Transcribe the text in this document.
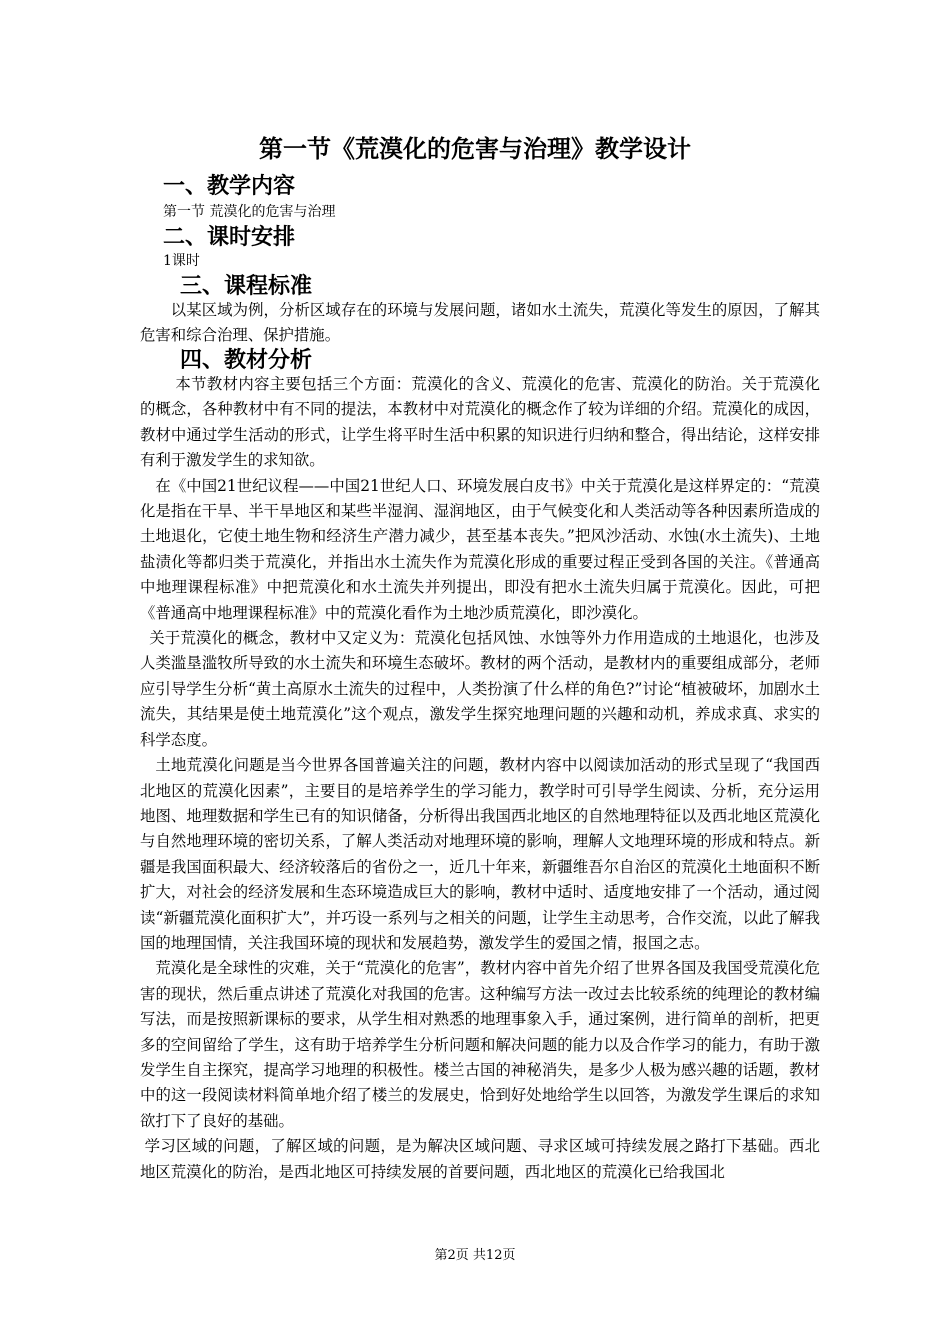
第一节《荒漠化的危害与治理》教学设计
一、教学内容
第一节 荒漠化的危害与治理
二、课时安排
1课时
三、课程标准

以某区域为例，分析区域存在的环境与发展问题，诸如水土流失，荒漠化等发生的原因，了解其危害和综合治理、保护措施。

四、教材分析

本节教材内容主要包括三个方面：荒漠化的含义、荒漠化的危害、荒漠化的防治。关于荒漠化的概念，各种教材中有不同的提法，本教材中对荒漠化的概念作了较为详细的介绍。荒漠化的成因，教材中通过学生活动的形式，让学生将平时生活中积累的知识进行归纳和整合，得出结论，这样安排有利于激发学生的求知欲。

在《中国21世纪议程——中国21世纪人口、环境发展白皮书》中关于荒漠化是这样界定的：“荒漠化是指在干旱、半干旱地区和某些半湿润、湿润地区，由于气候变化和人类活动等各种因素所造成的土地退化，它使土地生物和经济生产潜力减少，甚至基本丧失。”把风沙活动、水蚀(水土流失)、土地盐渍化等都归类于荒漠化，并指出水土流失作为荒漠化形成的重要过程正受到各国的关注。《普通高中地理课程标准》中把荒漠化和水土流失并列提出，即没有把水土流失归属于荒漠化。因此，可把《普通高中地理课程标准》中的荒漠化看作为土地沙质荒漠化，即沙漠化。

关于荒漠化的概念，教材中又定义为：荒漠化包括风蚀、水蚀等外力作用造成的土地退化，也涉及人类滥垦滥牧所导致的水土流失和环境生态破坏。教材的两个活动，是教材内的重要组成部分，老师应引导学生分析“黄土高原水土流失的过程中，人类扮演了什么样的角色?”讨论“植被破坏，加剧水土流失，其结果是使土地荒漠化”这个观点，激发学生探究地理问题的兴趣和动机，养成求真、求实的科学态度。

土地荒漠化问题是当今世界各国普遍关注的问题，教材内容中以阅读加活动的形式呈现了“我国西北地区的荒漠化因素”，主要目的是培养学生的学习能力，教学时可引导学生阅读、分析，充分运用地图、地理数据和学生已有的知识储备，分析得出我国西北地区的自然地理特征以及西北地区荒漠化与自然地理环境的密切关系，了解人类活动对地理环境的影响，理解人文地理环境的形成和特点。新疆是我国面积最大、经济较落后的省份之一，近几十年来，新疆维吾尔自治区的荒漠化土地面积不断扩大，对社会的经济发展和生态环境造成巨大的影响，教材中适时、适度地安排了一个活动，通过阅读“新疆荒漠化面积扩大”，并巧设一系列与之相关的问题，让学生主动思考，合作交流，以此了解我国的地理国情，关注我国环境的现状和发展趋势，激发学生的爱国之情，报国之志。

荒漠化是全球性的灾难，关于“荒漠化的危害”，教材内容中首先介绍了世界各国及我国受荒漠化危害的现状，然后重点讲述了荒漠化对我国的危害。这种编写方法一改过去比较系统的纯理论的教材编写法，而是按照新课标的要求，从学生相对熟悉的地理事象入手，通过案例，进行简单的剖析，把更多的空间留给了学生，这有助于培养学生分析问题和解决问题的能力以及合作学习的能力，有助于激发学生自主探究，提高学习地理的积极性。楼兰古国的神秘消失，是多少人极为感兴趣的话题，教材中的这一段阅读材料简单地介绍了楼兰的发展史，恰到好处地给学生以回答，为激发学生课后的求知欲打下了良好的基础。

学习区域的问题，了解区域的问题，是为解决区域问题、寻求区域可持续发展之路打下基础。西北地区荒漠化的防治，是西北地区可持续发展的首要问题，西北地区的荒漠化已给我国北

第2页 共12页
